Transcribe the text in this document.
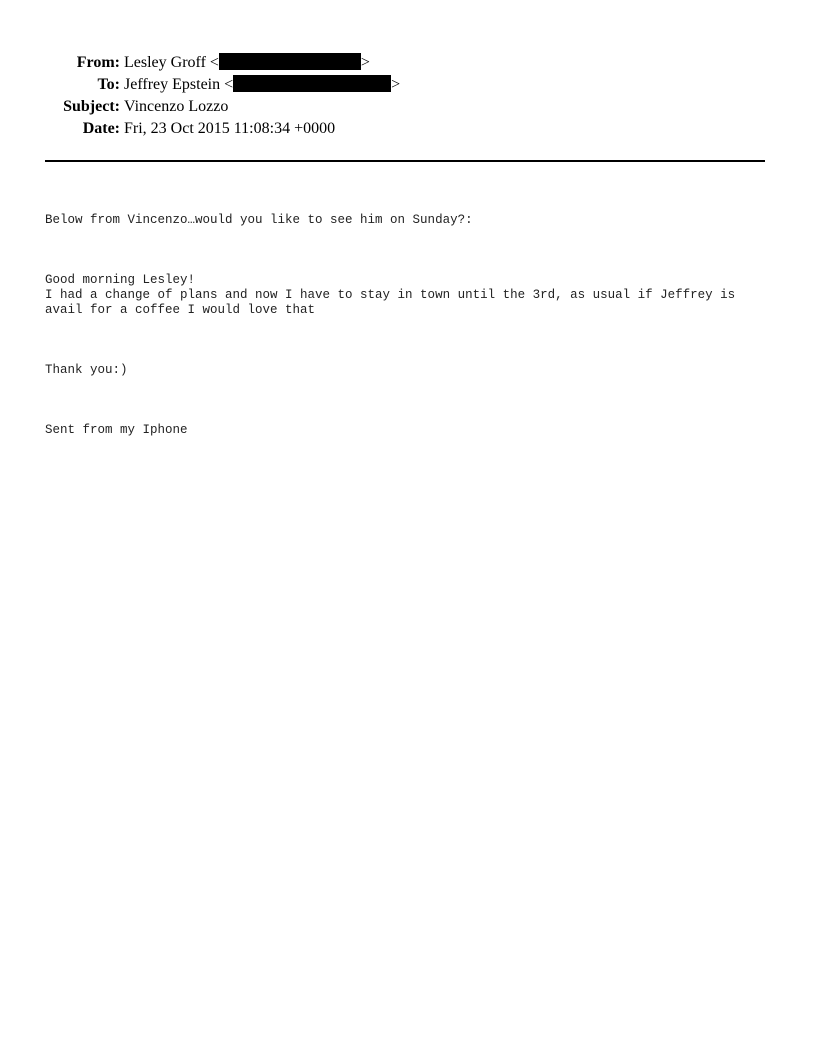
From: Lesley Groff <	>
To: Jeffrey Epstein <	>
Subject: Vincenzo Lozzo
Date: Fri, 23 Oct 2015 11:08:34 +0000

Below from Vincenzo…would you like to see him on Sunday?:

Good morning Lesley!
I had a change of plans and now I have to stay in town until the 3rd, as usual if Jeffrey is
avail for a coffee I would love that

Thank you:)

Sent from my Iphone
